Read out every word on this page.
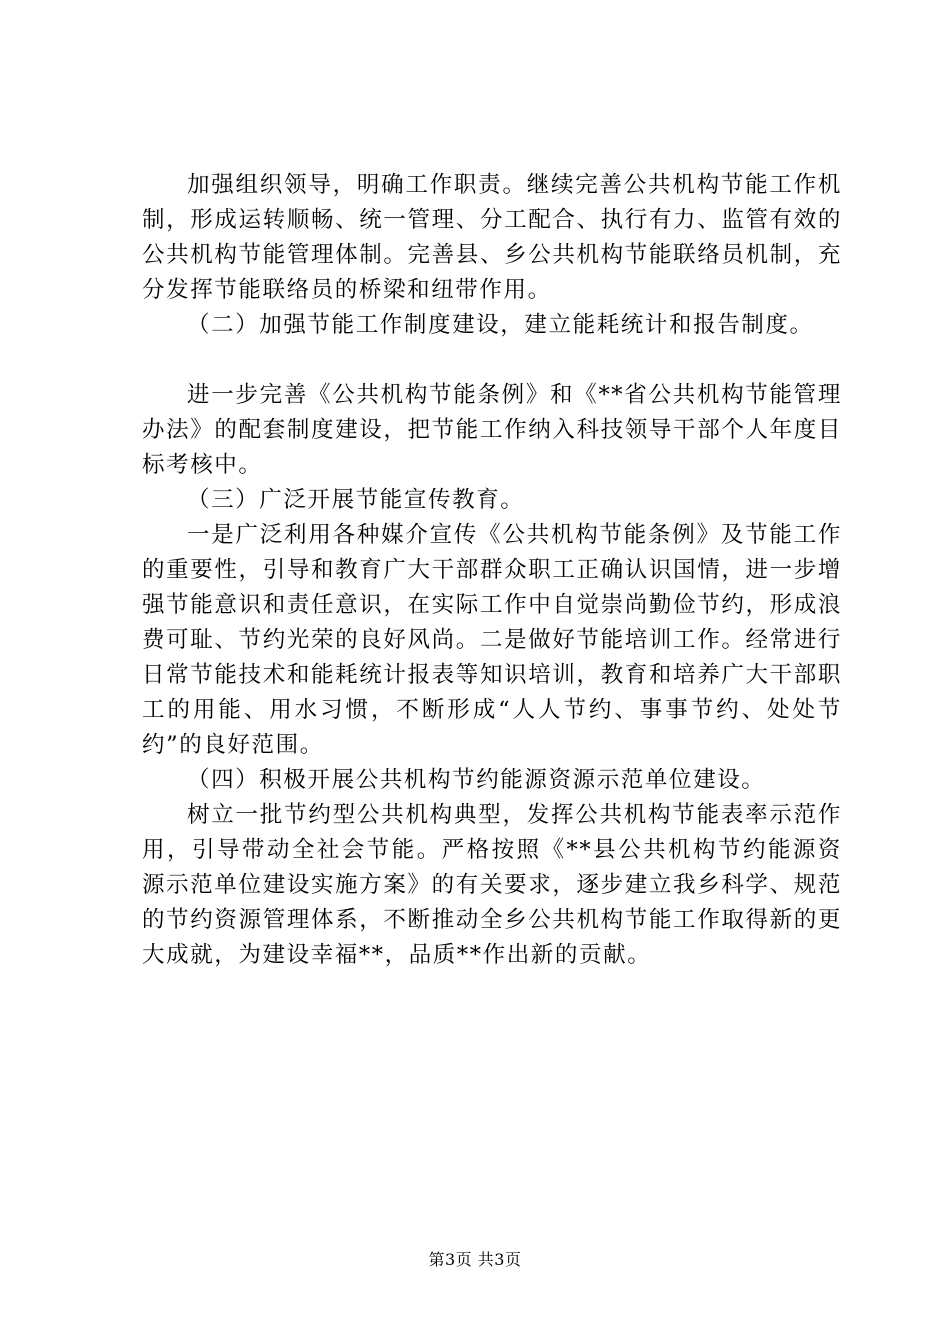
加强组织领导，明确工作职责。继续完善公共机构节能工作机制，形成运转顺畅、统一管理、分工配合、执行有力、监管有效的公共机构节能管理体制。完善县、乡公共机构节能联络员机制，充分发挥节能联络员的桥梁和纽带作用。

（二）加强节能工作制度建设，建立能耗统计和报告制度。

进一步完善《公共机构节能条例》和《**省公共机构节能管理办法》的配套制度建设，把节能工作纳入科技领导干部个人年度目标考核中。

（三）广泛开展节能宣传教育。

一是广泛利用各种媒介宣传《公共机构节能条例》及节能工作的重要性，引导和教育广大干部群众职工正确认识国情，进一步增强节能意识和责任意识，在实际工作中自觉崇尚勤俭节约，形成浪费可耻、节约光荣的良好风尚。二是做好节能培训工作。经常进行日常节能技术和能耗统计报表等知识培训，教育和培养广大干部职工的用能、用水习惯，不断形成“人人节约、事事节约、处处节约”的良好范围。

（四）积极开展公共机构节约能源资源示范单位建设。

树立一批节约型公共机构典型，发挥公共机构节能表率示范作用，引导带动全社会节能。严格按照《**县公共机构节约能源资源示范单位建设实施方案》的有关要求，逐步建立我乡科学、规范的节约资源管理体系，不断推动全乡公共机构节能工作取得新的更大成就，为建设幸福**，品质**作出新的贡献。

第3页 共3页
